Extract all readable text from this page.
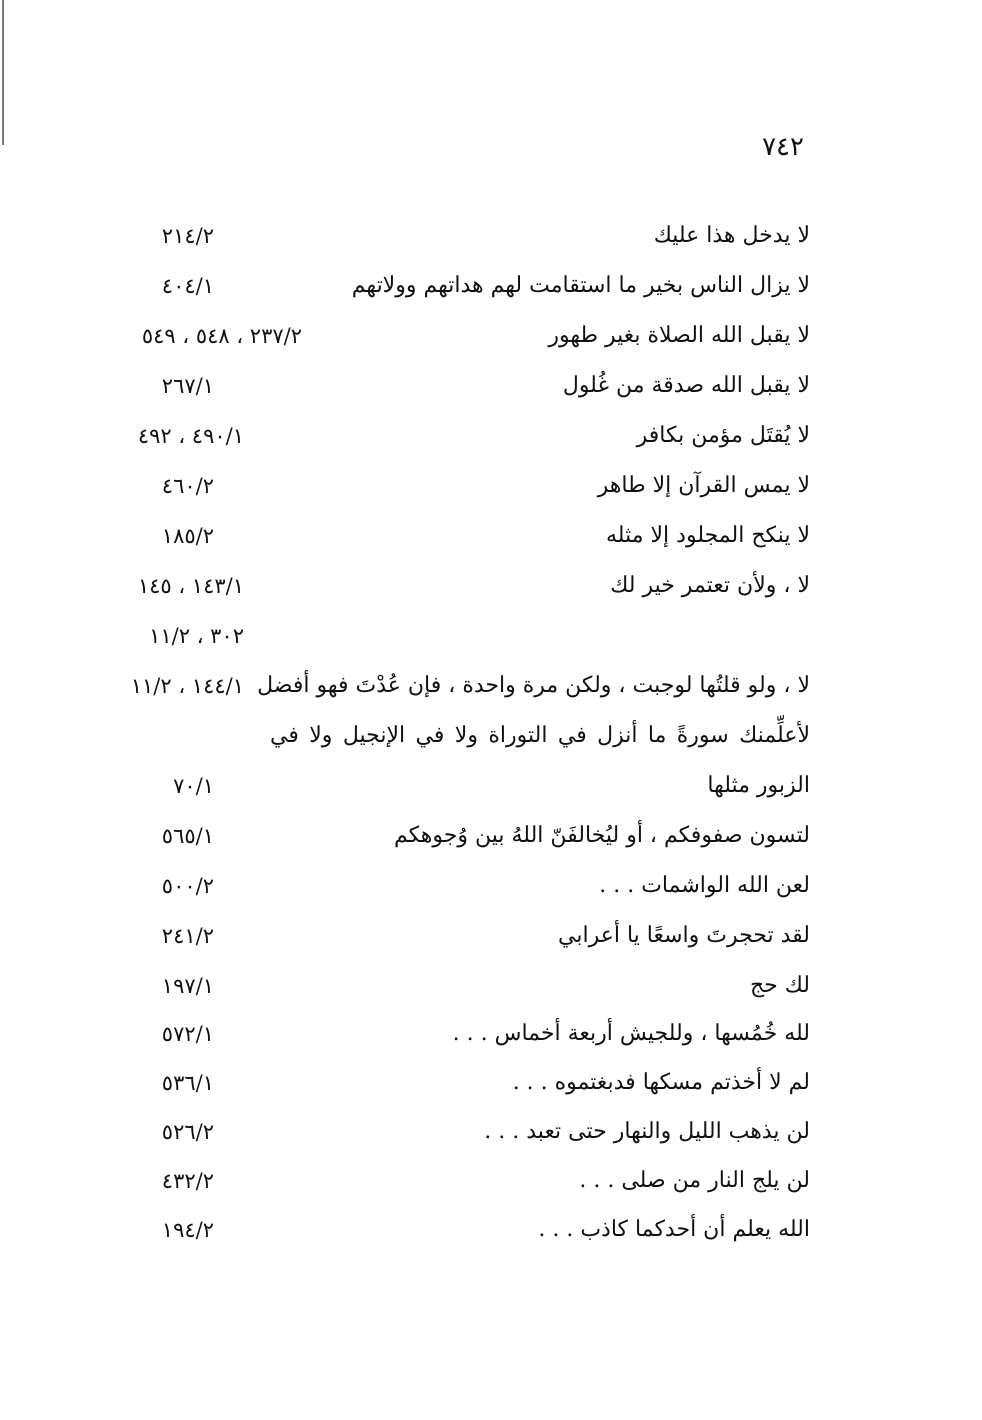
٧٤٢
لا يدخل هذا عليك
٢١٤/٢
لا يزال الناس بخير ما استقامت لهم هداتهم وولاتهم
٤٠٤/١
لا يقبل الله الصلاة بغير طهور
٢٣٧/٢ ، ٥٤٨ ، ٥٤٩
لا يقبل الله صدقة من غُلول
٢٦٧/١
لا يُقتَل مؤمن بكافر
٤٩٠/١ ، ٤٩٢
لا يمس القرآن إلا طاهر
٤٦٠/٢
لا ينكح المجلود إلا مثله
١٨٥/٢
لا ، ولأن تعتمر خير لك
١٤٣/١ ، ١٤٥
٣٠٢ ، ١١/٢
لا ، ولو قلتُها لوجبت ، ولكن مرة واحدة ، فإن عُدْتَ فهو أفضل
١٤٤/١ ، ١١/٢
لأعلِّمنك سورةً ما أنزل في التوراة ولا في الإنجيل ولا في
الزبور مثلها
٧٠/١
لتسون صفوفكم ، أو ليُخالفَنّ اللهُ بين وُجوهكم
٥٦٥/١
لعن الله الواشمات . . .
٥٠٠/٢
لقد تحجرتَ واسعًا يا أعرابي
٢٤١/٢
لك حج
١٩٧/١
لله خُمُسها ، وللجيش أربعة أخماس . . .
٥٧٢/١
لم لا أخذتم مسكها فدبغتموه . . .
٥٣٦/١
لن يذهب الليل والنهار حتى تعبد . . .
٥٢٦/٢
لن يلج النار من صلى . . .
٤٣٢/٢
الله يعلم أن أحدكما كاذب . . .
١٩٤/٢
